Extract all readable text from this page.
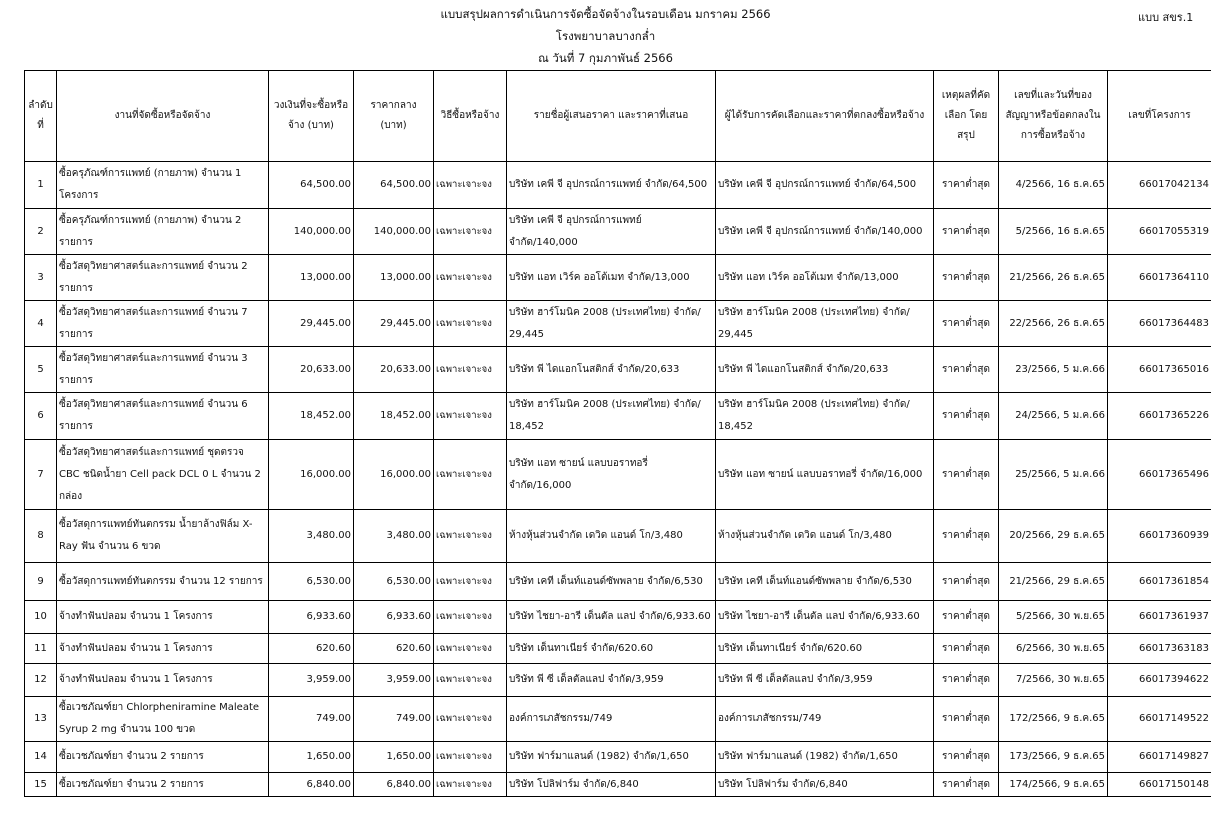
แบบสรุปผลการดำเนินการจัดซื้อจัดจ้างในรอบเดือน มกราคม 2566
โรงพยาบาลบางกล่ำ
ณ วันที่ 7 กุมภาพันธ์ 2566
แบบ สขร.1
ลำดับที่	งานที่จัดซื้อหรือจัดจ้าง	วงเงินที่จะซื้อหรือจ้าง (บาท)	ราคากลาง (บาท)	วิธีซื้อหรือจ้าง	รายชื่อผู้เสนอราคา และราคาที่เสนอ	ผู้ได้รับการคัดเลือกและราคาที่ตกลงซื้อหรือจ้าง	เหตุผลที่คัดเลือก โดยสรุป	เลขที่และวันที่ของสัญญาหรือข้อตกลงในการซื้อหรือจ้าง	เลขที่โครงการ
1	ซื้อครุภัณฑ์การแพทย์ (กายภาพ) จำนวน 1 โครงการ	64,500.00	64,500.00	เฉพาะเจาะจง	บริษัท เคพี จี อุปกรณ์การแพทย์ จำกัด/64,500	บริษัท เคพี จี อุปกรณ์การแพทย์ จำกัด/64,500	ราคาต่ำสุด	4/2566, 16 ธ.ค.65	66017042134
2	ซื้อครุภัณฑ์การแพทย์ (กายภาพ) จำนวน 2 รายการ	140,000.00	140,000.00	เฉพาะเจาะจง	บริษัท เคพี จี อุปกรณ์การแพทย์ จำกัด/140,000	บริษัท เคพี จี อุปกรณ์การแพทย์ จำกัด/140,000	ราคาต่ำสุด	5/2566, 16 ธ.ค.65	66017055319
3	ซื้อวัสดุวิทยาศาสตร์และการแพทย์ จำนวน 2 รายการ	13,000.00	13,000.00	เฉพาะเจาะจง	บริษัท แอท เวิร์ค ออโต้เมท จำกัด/13,000	บริษัท แอท เวิร์ค ออโต้เมท จำกัด/13,000	ราคาต่ำสุด	21/2566, 26 ธ.ค.65	66017364110
4	ซื้อวัสดุวิทยาศาสตร์และการแพทย์ จำนวน 7 รายการ	29,445.00	29,445.00	เฉพาะเจาะจง	บริษัท ฮาร์โมนิค 2008 (ประเทศไทย) จำกัด/ 29,445	บริษัท ฮาร์โมนิค 2008 (ประเทศไทย) จำกัด/ 29,445	ราคาต่ำสุด	22/2566, 26 ธ.ค.65	66017364483
5	ซื้อวัสดุวิทยาศาสตร์และการแพทย์ จำนวน 3 รายการ	20,633.00	20,633.00	เฉพาะเจาะจง	บริษัท พี ไดแอกโนสติกส์ จำกัด/20,633	บริษัท พี ไดแอกโนสติกส์ จำกัด/20,633	ราคาต่ำสุด	23/2566, 5 ม.ค.66	66017365016
6	ซื้อวัสดุวิทยาศาสตร์และการแพทย์ จำนวน 6 รายการ	18,452.00	18,452.00	เฉพาะเจาะจง	บริษัท ฮาร์โมนิค 2008 (ประเทศไทย) จำกัด/ 18,452	บริษัท ฮาร์โมนิค 2008 (ประเทศไทย) จำกัด/ 18,452	ราคาต่ำสุด	24/2566, 5 ม.ค.66	66017365226
7	ซื้อวัสดุวิทยาศาสตร์และการแพทย์ ชุดตรวจ CBC ชนิดน้ำยา Cell pack DCL 0 L จำนวน 2 กล่อง	16,000.00	16,000.00	เฉพาะเจาะจง	บริษัท แอท ซายน์ แลบบอราทอรี่ จำกัด/16,000	บริษัท แอท ซายน์ แลบบอราทอรี่ จำกัด/16,000	ราคาต่ำสุด	25/2566, 5 ม.ค.66	66017365496
8	ซื้อวัสดุการแพทย์ทันตกรรม น้ำยาล้างฟิล์ม X-Ray ฟัน จำนวน 6 ขวด	3,480.00	3,480.00	เฉพาะเจาะจง	ห้างหุ้นส่วนจำกัด เดวิด แอนด์ โก/3,480	ห้างหุ้นส่วนจำกัด เดวิด แอนด์ โก/3,480	ราคาต่ำสุด	20/2566, 29 ธ.ค.65	66017360939
9	ซื้อวัสดุการแพทย์ทันตกรรม จำนวน 12 รายการ	6,530.00	6,530.00	เฉพาะเจาะจง	บริษัท เคที เด็นท์แอนด์ซัพพลาย จำกัด/6,530	บริษัท เคที เด็นท์แอนด์ซัพพลาย จำกัด/6,530	ราคาต่ำสุด	21/2566, 29 ธ.ค.65	66017361854
10	จ้างทำฟันปลอม จำนวน 1 โครงการ	6,933.60	6,933.60	เฉพาะเจาะจง	บริษัท ไชยา-อารี เด็นตัล แลป จำกัด/6,933.60	บริษัท ไชยา-อารี เด็นตัล แลป จำกัด/6,933.60	ราคาต่ำสุด	5/2566, 30 พ.ย.65	66017361937
11	จ้างทำฟันปลอม จำนวน 1 โครงการ	620.60	620.60	เฉพาะเจาะจง	บริษัท เด็นทาเนียร์ จำกัด/620.60	บริษัท เด็นทาเนียร์ จำกัด/620.60	ราคาต่ำสุด	6/2566, 30 พ.ย.65	66017363183
12	จ้างทำฟันปลอม จำนวน 1 โครงการ	3,959.00	3,959.00	เฉพาะเจาะจง	บริษัท พี ซี เด็ลตัลแลป จำกัด/3,959	บริษัท พี ซี เด็ลตัลแลป จำกัด/3,959	ราคาต่ำสุด	7/2566, 30 พ.ย.65	66017394622
13	ซื้อเวชภัณฑ์ยา Chlorpheniramine Maleate Syrup 2 mg จำนวน 100 ขวด	749.00	749.00	เฉพาะเจาะจง	องค์การเภสัชกรรม/749	องค์การเภสัชกรรม/749	ราคาต่ำสุด	172/2566, 9 ธ.ค.65	66017149522
14	ซื้อเวชภัณฑ์ยา จำนวน 2 รายการ	1,650.00	1,650.00	เฉพาะเจาะจง	บริษัท ฟาร์มาแลนด์ (1982) จำกัด/1,650	บริษัท ฟาร์มาแลนด์ (1982) จำกัด/1,650	ราคาต่ำสุด	173/2566, 9 ธ.ค.65	66017149827
15	ซื้อเวชภัณฑ์ยา จำนวน 2 รายการ	6,840.00	6,840.00	เฉพาะเจาะจง	บริษัท โปลิฟาร์ม จำกัด/6,840	บริษัท โปลิฟาร์ม จำกัด/6,840	ราคาต่ำสุด	174/2566, 9 ธ.ค.65	66017150148
